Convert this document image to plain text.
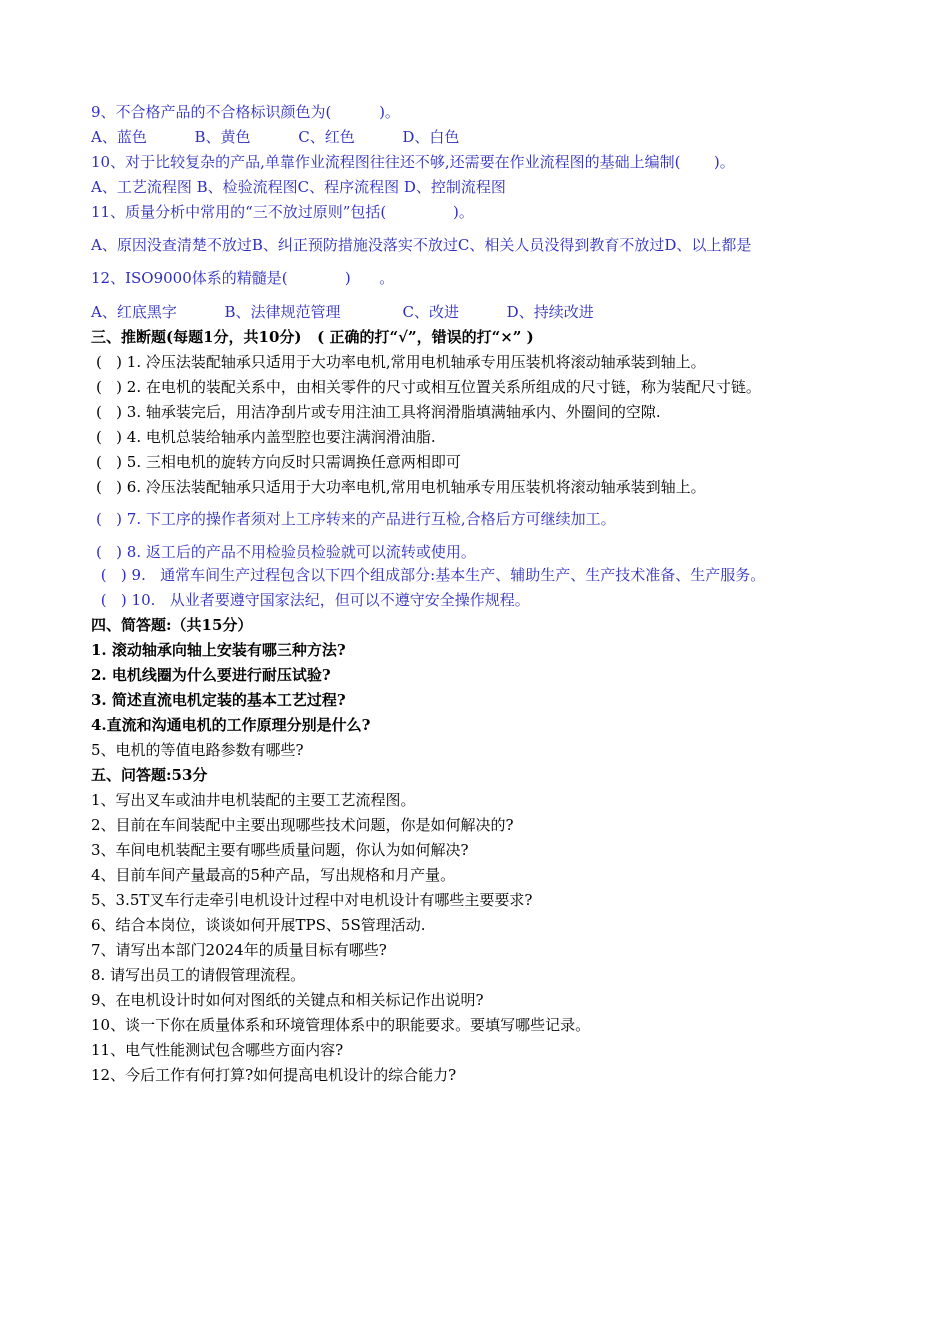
9、不合格产品的不合格标识颜色为(          )。
A、蓝色          B、黄色          C、红色          D、白色
10、对于比较复杂的产品,单靠作业流程图往往还不够,还需要在作业流程图的基础上编制(       )。
A、工艺流程图 B、检验流程图C、程序流程图 D、控制流程图
11、质量分析中常用的“三不放过原则”包括(              )。
A、原因没查清楚不放过B、纠正预防措施没落实不放过C、相关人员没得到教育不放过D、以上都是
12、ISO9000体系的精髓是(            )      。
A、红底黑字          B、法律规范管理             C、改进          D、持续改进
三、推断题(每题1分，共10分)   ( 正确的打“√”，错误的打“×” )
(   ) 1. 冷压法装配轴承只适用于大功率电机,常用电机轴承专用压装机将滚动轴承装到轴上。
(   ) 2. 在电机的装配关系中，由相关零件的尺寸或相互位置关系所组成的尺寸链，称为装配尺寸链。
(   ) 3. 轴承装完后，用洁净刮片或专用注油工具将润滑脂填满轴承内、外圈间的空隙.
(   ) 4. 电机总装给轴承内盖型腔也要注满润滑油脂.
(   ) 5. 三相电机的旋转方向反时只需调换任意两相即可
(   ) 6. 冷压法装配轴承只适用于大功率电机,常用电机轴承专用压装机将滚动轴承装到轴上。
(   ) 7. 下工序的操作者须对上工序转来的产品进行互检,合格后方可继续加工。
(   ) 8. 返工后的产品不用检验员检验就可以流转或使用。
(   ) 9.   通常车间生产过程包含以下四个组成部分:基本生产、辅助生产、生产技术准备、生产服务。
(   ) 10.   从业者要遵守国家法纪，但可以不遵守安全操作规程。
四、简答题:（共15分）
1. 滚动轴承向轴上安装有哪三种方法?
2. 电机线圈为什么要进行耐压试验?
3. 简述直流电机定装的基本工艺过程?
4.直流和沟通电机的工作原理分别是什么?
5、电机的等值电路参数有哪些?
五、问答题:53分
1、写出叉车或油井电机装配的主要工艺流程图。
2、目前在车间装配中主要出现哪些技术问题，你是如何解决的?
3、车间电机装配主要有哪些质量问题，你认为如何解决?
4、目前车间产量最高的5种产品，写出规格和月产量。
5、3.5T叉车行走牵引电机设计过程中对电机设计有哪些主要要求?
6、结合本岗位，谈谈如何开展TPS、5S管理活动.
7、请写出本部门2024年的质量目标有哪些?
8. 请写出员工的请假管理流程。
9、在电机设计时如何对图纸的关键点和相关标记作出说明?
10、谈一下你在质量体系和环境管理体系中的职能要求。要填写哪些记录。
11、电气性能测试包含哪些方面内容?
12、今后工作有何打算?如何提高电机设计的综合能力?
